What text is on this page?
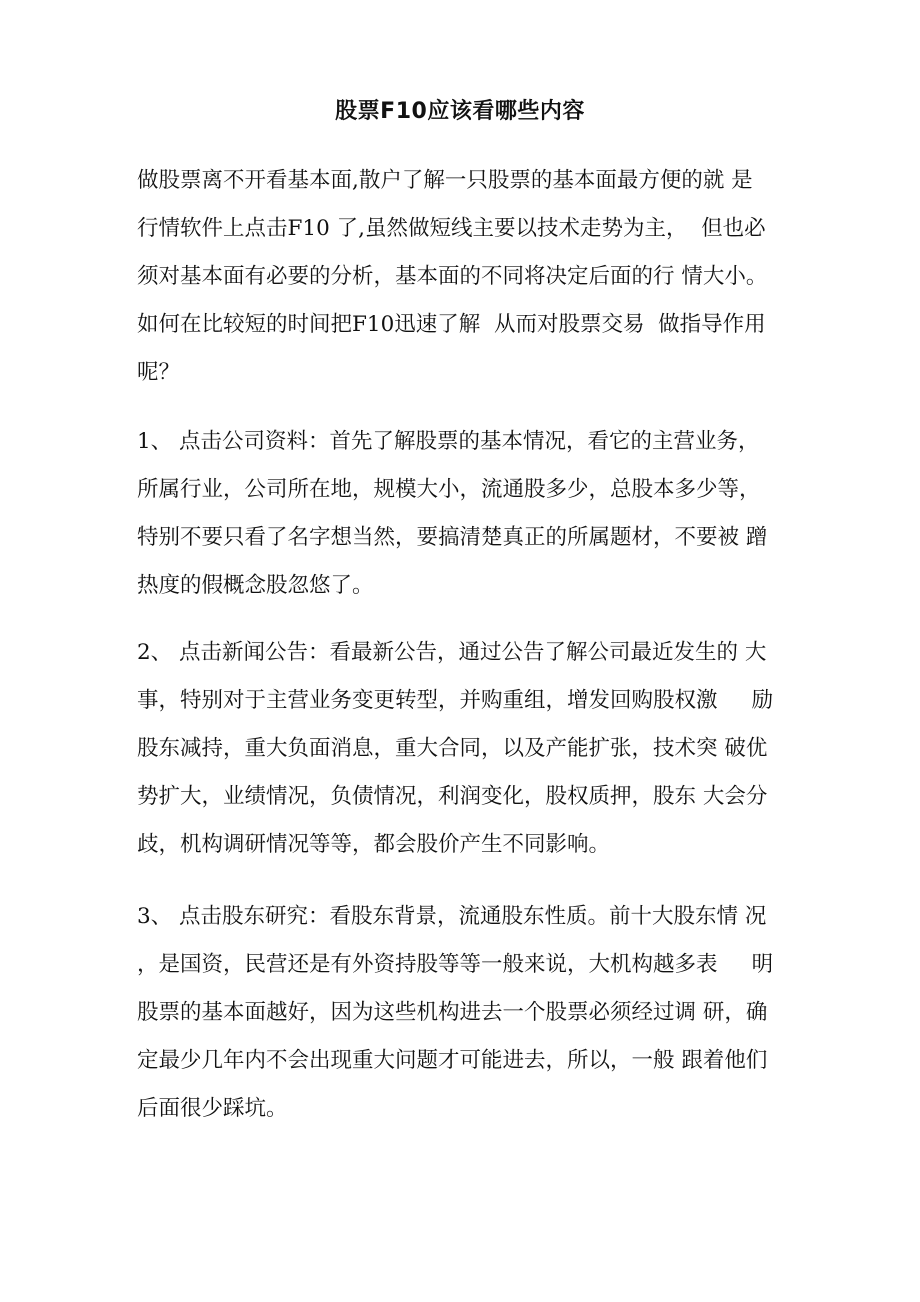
股票F10应该看哪些内容

做股票离不开看基本面,散户了解一只股票的基本面最方便的就 是
行情软件上点击F10 了,虽然做短线主要以技术走势为主，  但也必
须对基本面有必要的分析，基本面的不同将决定后面的行 情大小。
如何在比较短的时间把F10迅速了解  从而对股票交易  做指导作用
呢？

1、 点击公司资料：首先了解股票的基本情况，看它的主营业务，
所属行业，公司所在地，规模大小，流通股多少，总股本多少等，
特别不要只看了名字想当然，要搞清楚真正的所属题材，不要被 蹭
热度的假概念股忽悠了。

2、 点击新闻公告：看最新公告，通过公告了解公司最近发生的 大
事，特别对于主营业务变更转型，并购重组，增发回购股权激     励
股东减持，重大负面消息，重大合同，以及产能扩张，技术突 破优
势扩大，业绩情况，负债情况，利润变化，股权质押，股东 大会分
歧，机构调研情况等等，都会股价产生不同影响。

3、 点击股东研究：看股东背景，流通股东性质。前十大股东情 况
，是国资，民营还是有外资持股等等一般来说，大机构越多表     明
股票的基本面越好，因为这些机构进去一个股票必须经过调 研，确
定最少几年内不会出现重大问题才可能进去，所以，一般 跟着他们
后面很少踩坑。
